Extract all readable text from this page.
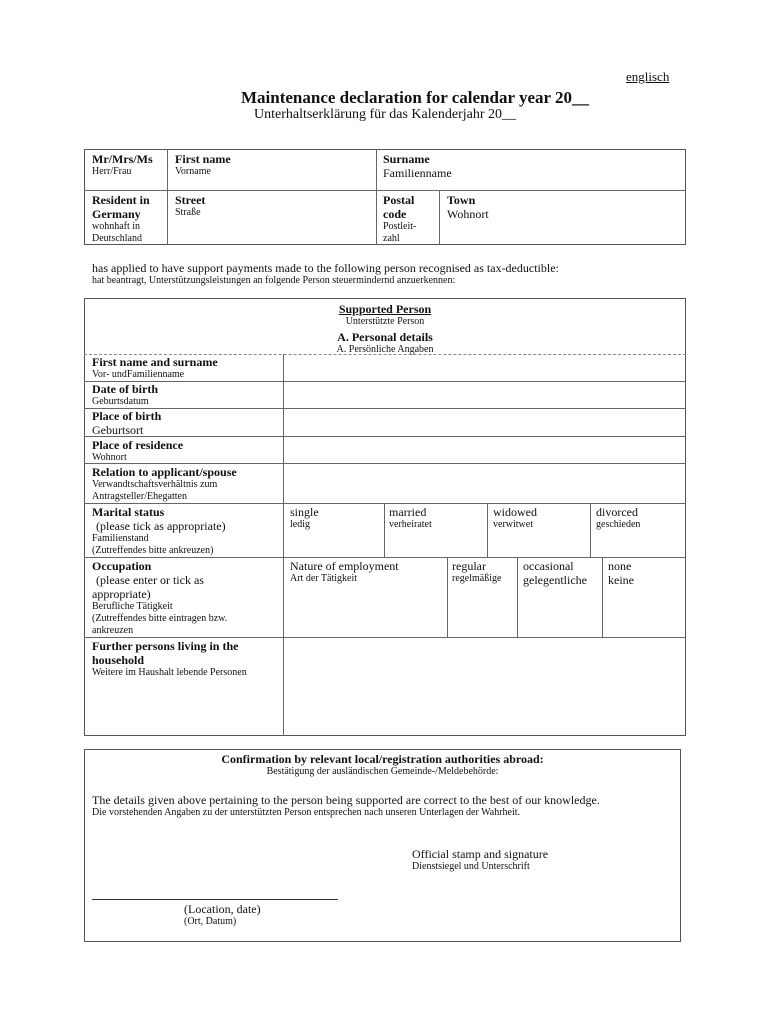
englisch
Maintenance declaration for calendar year 20__
Unterhaltserklärung für das Kalenderjahr 20__
Mr/Mrs/Ms
Herr/Frau
First name
Vorname
Surname
Familienname
Resident in
Germany
wohnhaft in
Deutschland
Street
Straße
Postal
code
Postleit-
zahl
Town
Wohnort
has applied to have support payments made to the following person recognised as tax-deductible:
hat beantragt, Unterstützungsleistungen an folgende Person steuermindernd anzuerkennen:
Supported Person
Unterstützte Person
A. Personal details
A. Persönliche Angaben
First name and surname
Vor- undFamilienname
Date of birth
Geburtsdatum
Place of birth
Geburtsort
Place of residence
Wohnort
Relation to applicant/spouse
Verwandtschaftsverhältnis zum
Antragsteller/Ehegatten
Marital status
(please tick as appropriate)
Familienstand
(Zutreffendes bitte ankreuzen)
single
ledig
married
verheiratet
widowed
verwitwet
divorced
geschieden
Occupation
(please enter or tick as
appropriate)
Berufliche Tätigkeit
(Zutreffendes bitte eintragen bzw.
ankreuzen
Nature of employment
Art der Tätigkeit
regular
regelmäßige
occasional
gelegentliche
none
keine
Further persons living in the
household
Weitere im Haushalt lebende Personen
Confirmation by relevant local/registration authorities abroad:
Bestätigung der ausländischen Gemeinde-/Meldebehörde:
The details given above pertaining to the person being supported are correct to the best of our knowledge.
Die vorstehenden Angaben zu der unterstützten Person entsprechen nach unseren Unterlagen der Wahrheit.
Official stamp and signature
Dienstsiegel und Unterschrift
(Location, date)
(Ort, Datum)
